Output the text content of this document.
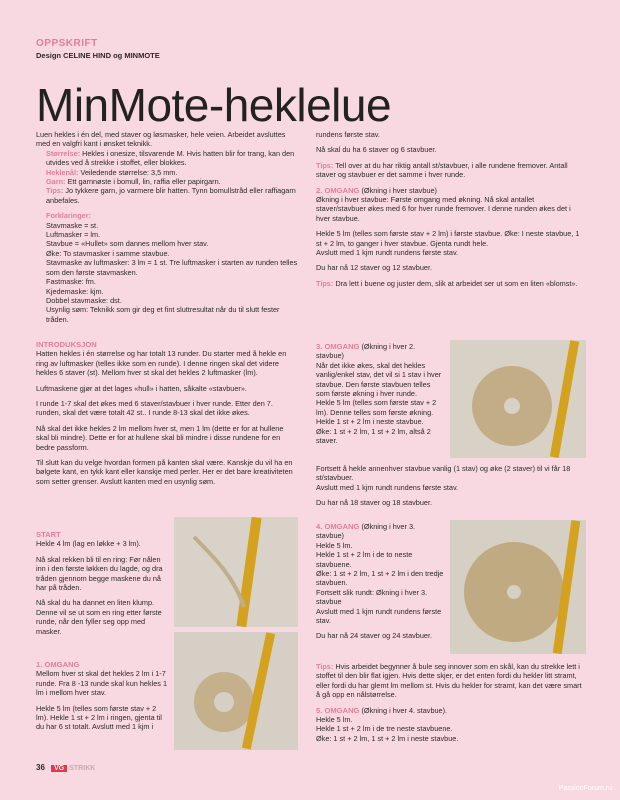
OPPSKRIFT
Design CELINE HIND og MINMOTE
MinMote-heklelue

Luen hekles i én del, med staver og løsmasker, hele veien. Arbeidet avsluttes med en valgfri kant i ønsket teknikk.

Størrelse: Hekles i onesize, tilsvarende M. Hvis hatten blir for trang, kan den utvides ved å strekke i stoffet, eller blokkes.
Heklenål: Veiledende størrelse: 3,5 mm.
Garn: Ett garnnøste i bomull, lin, raffia eller papirgarn.
Tips: Jo tykkere garn, jo varmere blir hatten. Tynn bomullstråd eller raffiagarn anbefales.
Forklaringer:
Stavmaske = st.
Luftmasker = lm.
Stavbue = «Hullet» som dannes mellom hver stav.
Øke: To stavmasker i samme stavbue.
Stavmaske av luftmasker: 3 lm = 1 st. Tre luftmasker i starten av runden telles som den første stavmasken.
Fastmaske: fm.
Kjedemaske: kjm.
Dobbel stavmaske: dst.
Usynlig søm: Teknikk som gir deg et fint sluttresultat når du til slutt fester tråden.
INTRODUKSJON

Hatten hekles i én størrelse og har totalt 13 runder. Du starter med å hekle en ring av luftmasker (telles ikke som en runde). I denne ringen skal det videre hekles 6 staver (st). Mellom hver st skal det hekles 2 luftmasker (lm).

Luftmaskene gjør at det lages «hull» i hatten, såkalte «stavbuer».

I runde 1-7 skal det økes med 6 staver/stavbuer i hver runde. Etter den 7. runden, skal det være totalt 42 st.. I runde 8-13 skal det ikke økes.

Nå skal det ikke hekles 2 lm mellom hver st, men 1 lm (dette er for at hullene skal bli mindre). Dette er for at hullene skal bli mindre i disse rundene for en bedre passform.

Til slutt kan du velge hvordan formen på kanten skal være. Kanskje du vil ha en bølgete kant, en tykk kant eller kanskje med perler. Her er det bare kreativiteten som setter grenser. Avslutt kanten med en usynlig søm.

START

Hekle 4 lm (lag en løkke + 3 lm).

Nå skal rekken bli til en ring: Før nålen inn i den første løkken du lagde, og dra tråden gjennom begge maskene du nå har på tråden.

Nå skal du ha dannet en liten klump. Denne vil se ut som en ring etter første runde, når den fyller seg opp med masker.

1. OMGANG

Mellom hver st skal det hekles 2 lm i 1-7 runde. Fra 8 -13 runde skal kun hekles 1 lm i mellom hver stav.

Hekle 5 lm (telles som første stav + 2 lm). Hekle 1 st + 2 lm i ringen, gjenta til du har 6 st totalt. Avslutt med 1 kjm i

rundens første stav.

Nå skal du ha 6 staver og 6 stavbuer.

Tips: Tell over at du har riktig antall st/stavbuer, i alle rundene fremover. Antall staver og stavbuer er det samme i hver runde.

2. OMGANG (Økning i hver stavbue)

Økning i hver stavbue: Første omgang med økning. Nå skal antallet staver/stavbuer økes med 6 for hver runde fremover. I denne runden økes det i hver stavbue.

Hekle 5 lm (telles som første stav + 2 lm) i første stavbue. Øke: I neste stavbue, 1 st + 2 lm, to ganger i hver stavbue. Gjenta rundt hele.

Avslutt med 1 kjm rundt rundens første stav.

Du har nå 12 staver og 12 stavbuer.

Tips: Dra lett i buene og juster dem, slik at arbeidet ser ut som en liten «blomst».

3. OMGANG (Økning i hver 2. stavbue)
Når det ikke økes, skal det hekles vanlig/enkel stav, det vil si 1 stav i hver stavbue. Den første stavbuen telles som første økning i hver runde.
Hekle 5 lm (telles som første stav + 2 lm). Denne telles som første økning.
Hekle 1 st + 2 lm i neste stavbue.
Øke: 1 st + 2 lm, 1 st + 2 lm, altså 2 staver.
Fortsett å hekle annenhver stavbue vanlig (1 stav) og øke (2 staver) til vi får 18 st/stavbuer.

Avslutt med 1 kjm rundt rundens første stav.

Du har nå 18 staver og 18 stavbuer.

4. OMGANG (Økning i hver 3. stavbue)
Hekle 5 lm.
Hekle 1 st + 2 lm i de to neste stavbuene.
Øke: 1 st + 2 lm, 1 st + 2 lm i den tredje stavbuen.
Fortsett slik rundt: Økning i hver 3. stavbue

Avslutt med 1 kjm rundt rundens første stav.

Du har nå 24 staver og 24 stavbuer.

Tips: Hvis arbeidet begynner å bule seg innover som en skål, kan du strekke lett i stoffet til den blir flat igjen. Hvis dette skjer, er det enten fordi du hekler litt stramt, eller fordi du har glemt lm mellom st. Hvis du hekler for stramt, kan det være smart å gå opp en nålstørrelse.

5. OMGANG (Økning i hver 4. stavbue).
Hekle 5 lm.
Hekle 1 st + 2 lm i de tre neste stavbuene.
Øke: 1 st + 2 lm, 1 st + 2 lm i neste stavbue.
36 VG STRIKK
PassionForum.ru
